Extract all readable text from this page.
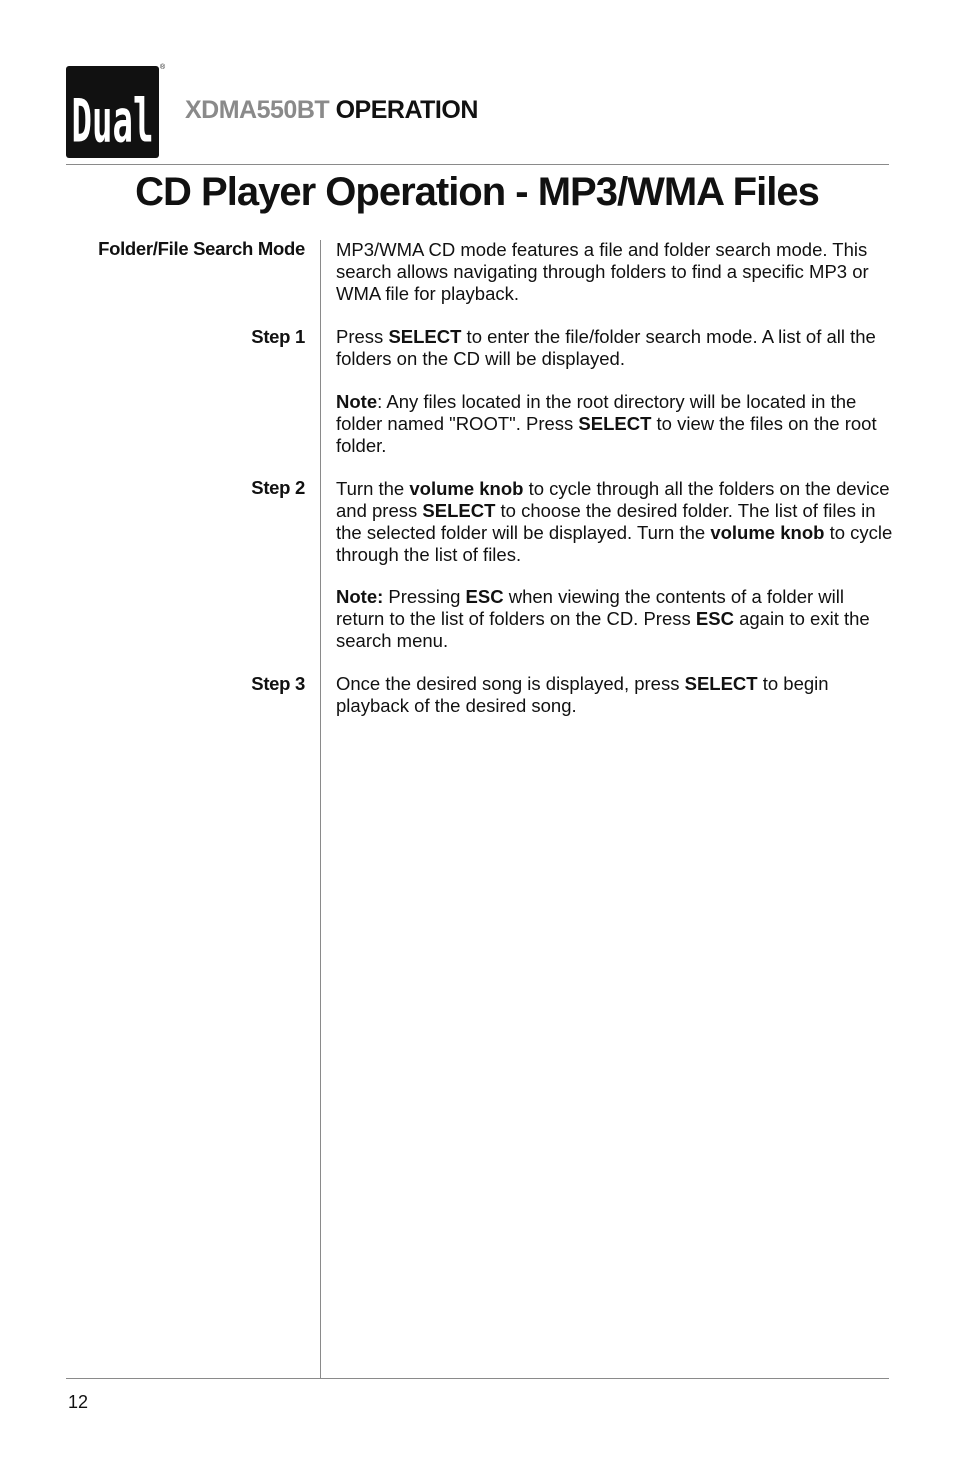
Dual
®
XDMA550BT OPERATION
CD Player Operation - MP3/WMA Files
Folder/File Search Mode
Step 1
Step 2
Step 3

MP3/WMA CD mode features a file and folder search mode. This search allows navigating through folders to find a specific MP3 or WMA file for playback.

Press SELECT to enter the file/folder search mode. A list of all the folders on the CD will be displayed.

Note: Any files located in the root directory will be located in the folder named "ROOT". Press SELECT to view the files on the root folder.

Turn the volume knob to cycle through all the folders on the device and press SELECT to choose the desired folder. The list of files in the selected folder will be displayed. Turn the volume knob to cycle through the list of files.

Note: Pressing ESC when viewing the contents of a folder will return to the list of folders on the CD. Press ESC again to exit the search menu.

Once the desired song is displayed, press SELECT to begin playback of the desired song.

12
